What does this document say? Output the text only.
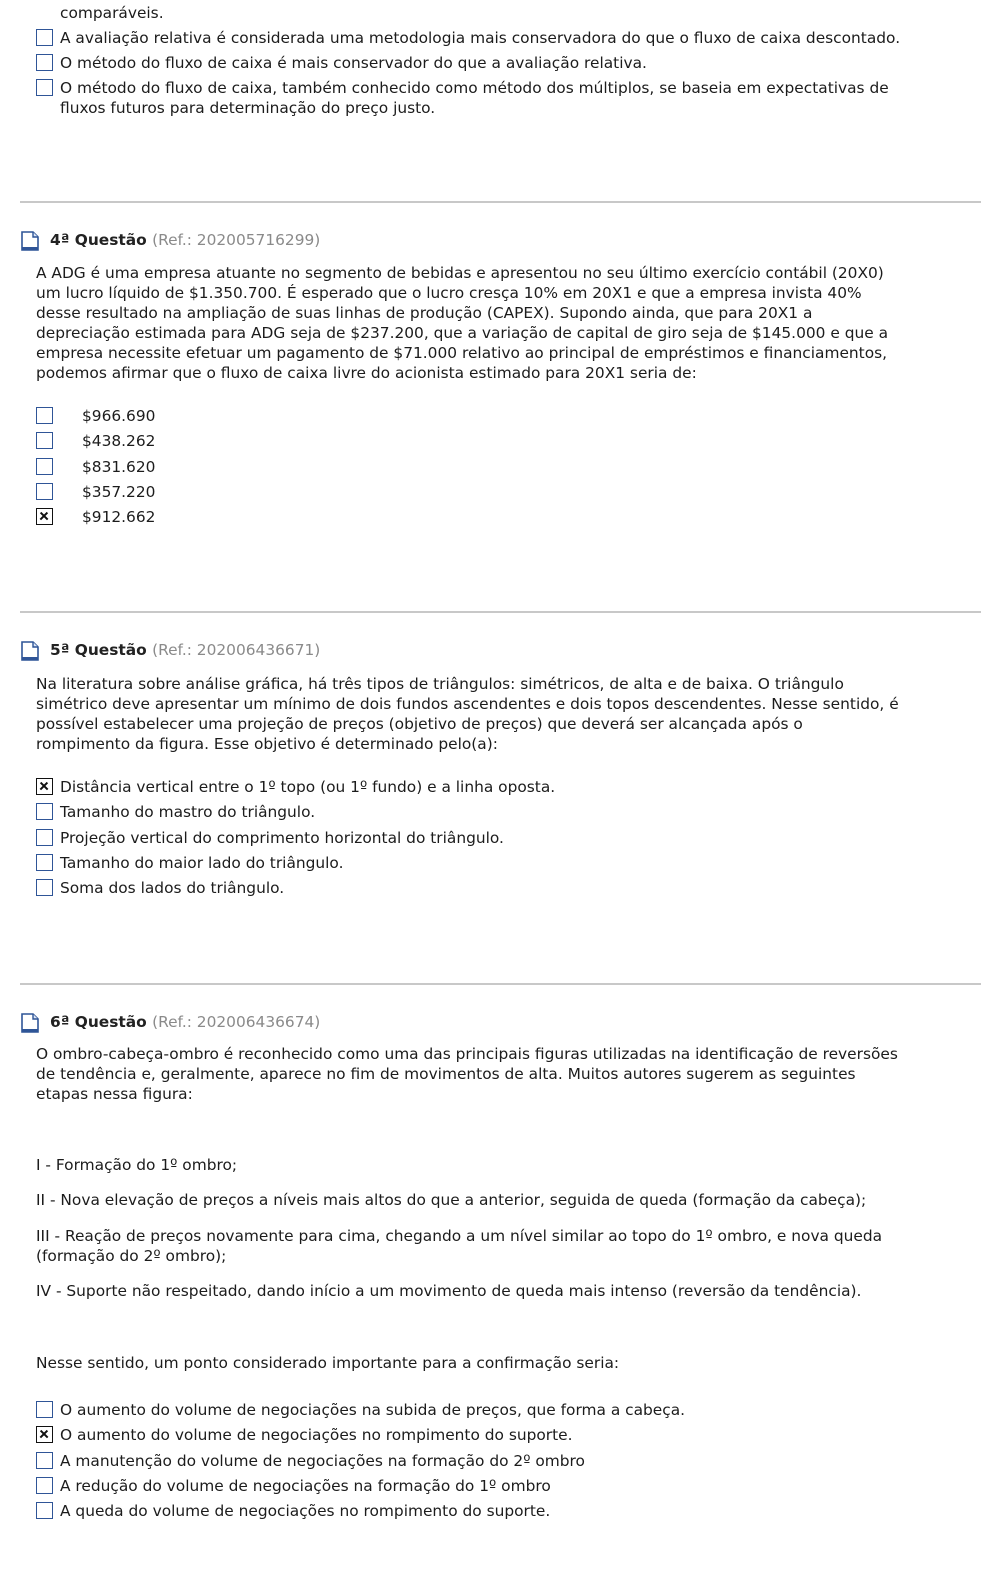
comparáveis.
A avaliação relativa é considerada uma metodologia mais conservadora do que o fluxo de caixa descontado.
O método do fluxo de caixa é mais conservador do que a avaliação relativa.
O método do fluxo de caixa, também conhecido como método dos múltiplos, se baseia em expectativas de
fluxos futuros para determinação do preço justo.
4ª Questão (Ref.: 202005716299)

A ADG é uma empresa atuante no segmento de bebidas e apresentou no seu último exercício contábil (20X0)

um lucro líquido de $1.350.700. É esperado que o lucro cresça 10% em 20X1 e que a empresa invista 40%

desse resultado na ampliação de suas linhas de produção (CAPEX). Supondo ainda, que para 20X1 a

depreciação estimada para ADG seja de $237.200, que a variação de capital de giro seja de $145.000 e que a

empresa necessite efetuar um pagamento de $71.000 relativo ao principal de empréstimos e financiamentos,

podemos afirmar que o fluxo de caixa livre do acionista estimado para 20X1 seria de:

$966.690
$438.262
$831.620
$357.220
$912.662
5ª Questão (Ref.: 202006436671)

Na literatura sobre análise gráfica, há três tipos de triângulos: simétricos, de alta e de baixa. O triângulo

simétrico deve apresentar um mínimo de dois fundos ascendentes e dois topos descendentes. Nesse sentido, é

possível estabelecer uma projeção de preços (objetivo de preços) que deverá ser alcançada após o

rompimento da figura. Esse objetivo é determinado pelo(a):

Distância vertical entre o 1º topo (ou 1º fundo) e a linha oposta.
Tamanho do mastro do triângulo.
Projeção vertical do comprimento horizontal do triângulo.
Tamanho do maior lado do triângulo.
Soma dos lados do triângulo.
6ª Questão (Ref.: 202006436674)

O ombro-cabeça-ombro é reconhecido como uma das principais figuras utilizadas na identificação de reversões

de tendência e, geralmente, aparece no fim de movimentos de alta. Muitos autores sugerem as seguintes

etapas nessa figura:

I - Formação do 1º ombro;
II - Nova elevação de preços a níveis mais altos do que a anterior, seguida de queda (formação da cabeça);
III - Reação de preços novamente para cima, chegando a um nível similar ao topo do 1º ombro, e nova queda
(formação do 2º ombro);
IV - Suporte não respeitado, dando início a um movimento de queda mais intenso (reversão da tendência).
Nesse sentido, um ponto considerado importante para a confirmação seria:
O aumento do volume de negociações na subida de preços, que forma a cabeça.
O aumento do volume de negociações no rompimento do suporte.
A manutenção do volume de negociações na formação do 2º ombro
A redução do volume de negociações na formação do 1º ombro
A queda do volume de negociações no rompimento do suporte.
